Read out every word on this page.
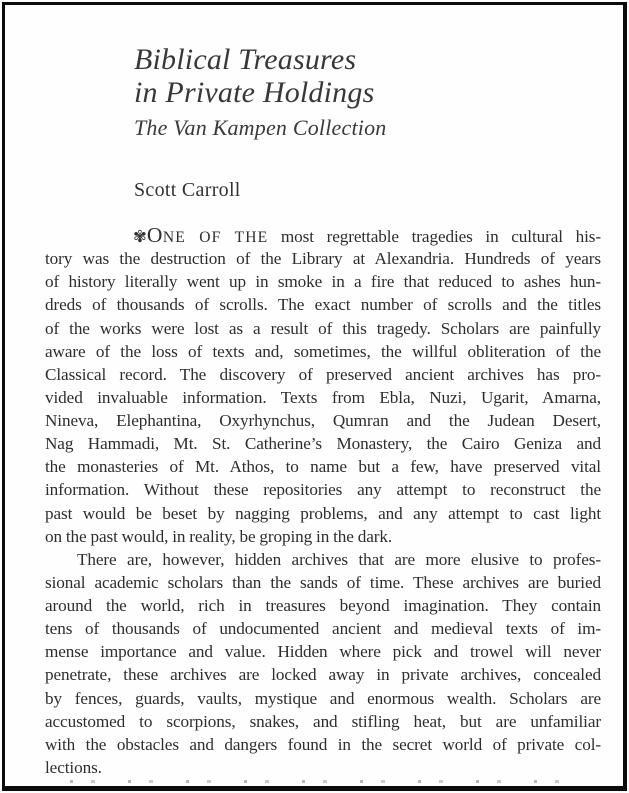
Biblical Treasures
in Private Holdings
The Van Kampen Collection
Scott Carroll
✾ONE OF THE most regrettable tragedies in cultural his-
tory was the destruction of the Library at Alexandria. Hundreds of years
of history literally went up in smoke in a fire that reduced to ashes hun-
dreds of thousands of scrolls. The exact number of scrolls and the titles
of the works were lost as a result of this tragedy. Scholars are painfully
aware of the loss of texts and, sometimes, the willful obliteration of the
Classical record. The discovery of preserved ancient archives has pro-
vided invaluable information. Texts from Ebla, Nuzi, Ugarit, Amarna,
Nineva, Elephantina, Oxyrhynchus, Qumran and the Judean Desert,
Nag Hammadi, Mt. St. Catherine’s Monastery, the Cairo Geniza and
the monasteries of Mt. Athos, to name but a few, have preserved vital
information. Without these repositories any attempt to reconstruct the
past would be beset by nagging problems, and any attempt to cast light
on the past would, in reality, be groping in the dark.
There are, however, hidden archives that are more elusive to profes-
sional academic scholars than the sands of time. These archives are buried
around the world, rich in treasures beyond imagination. They contain
tens of thousands of undocumented ancient and medieval texts of im-
mense importance and value. Hidden where pick and trowel will never
penetrate, these archives are locked away in private archives, concealed
by fences, guards, vaults, mystique and enormous wealth. Scholars are
accustomed to scorpions, snakes, and stifling heat, but are unfamiliar
with the obstacles and dangers found in the secret world of private col-
lections.
